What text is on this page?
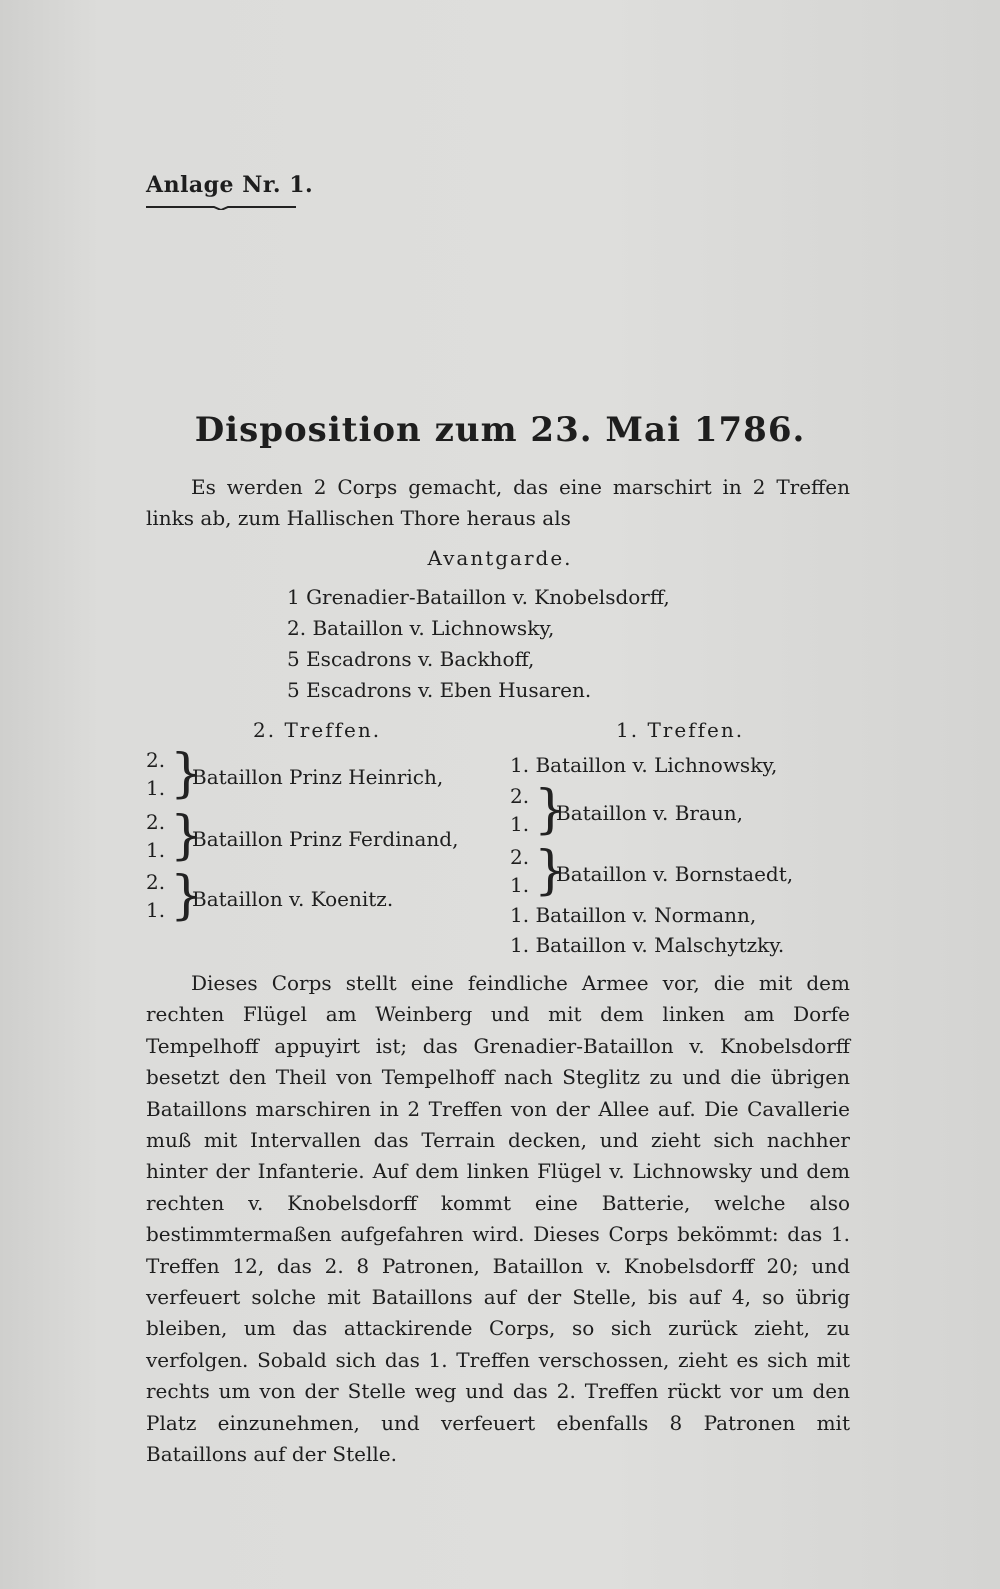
Anlage Nr. 1.
Disposition zum 23. Mai 1786.
Es werden 2 Corps gemacht, das eine marschirt in 2 Treffen links ab, zum Hallischen Thore heraus als
Avantgarde.
1 Grenadier-Bataillon v. Knobelsdorff,
2. Bataillon v. Lichnowsky,
5 Escadrons v. Backhoff,
5 Escadrons v. Eben Husaren.
2. Treffen.
2.
1. }
Bataillon Prinz Heinrich,
2.
1. }
Bataillon Prinz Ferdinand,
2.
1. }
Bataillon v. Koenitz.
1. Treffen.
1. Bataillon v. Lichnowsky,
2.
1. }
Bataillon v. Braun,
2.
1. }
Bataillon v. Bornstaedt,
1. Bataillon v. Normann,
1. Bataillon v. Malschytzky.

Dieses Corps stellt eine feindliche Armee vor, die mit dem rechten Flügel am Weinberg und mit dem linken am Dorfe Tempelhoff appuyirt ist; das Grenadier-Bataillon v. Knobelsdorff besetzt den Theil von Tempelhoff nach Steglitz zu und die übrigen Bataillons marschiren in 2 Treffen von der Allee auf. Die Cavallerie muß mit Intervallen das Terrain decken, und zieht sich nachher hinter der Infanterie. Auf dem linken Flügel v. Lichnowsky und dem rechten v. Knobelsdorff kommt eine Batterie, welche also bestimmtermaßen aufgefahren wird. Dieses Corps bekömmt: das 1. Treffen 12, das 2. 8 Patronen, Bataillon v. Knobelsdorff 20; und verfeuert solche mit Bataillons auf der Stelle, bis auf 4, so übrig bleiben, um das attackirende Corps, so sich zurück zieht, zu verfolgen. Sobald sich das 1. Treffen verschossen, zieht es sich mit rechts um von der Stelle weg und das 2. Treffen rückt vor um den Platz einzunehmen, und verfeuert ebenfalls 8 Patronen mit Bataillons auf der Stelle.
